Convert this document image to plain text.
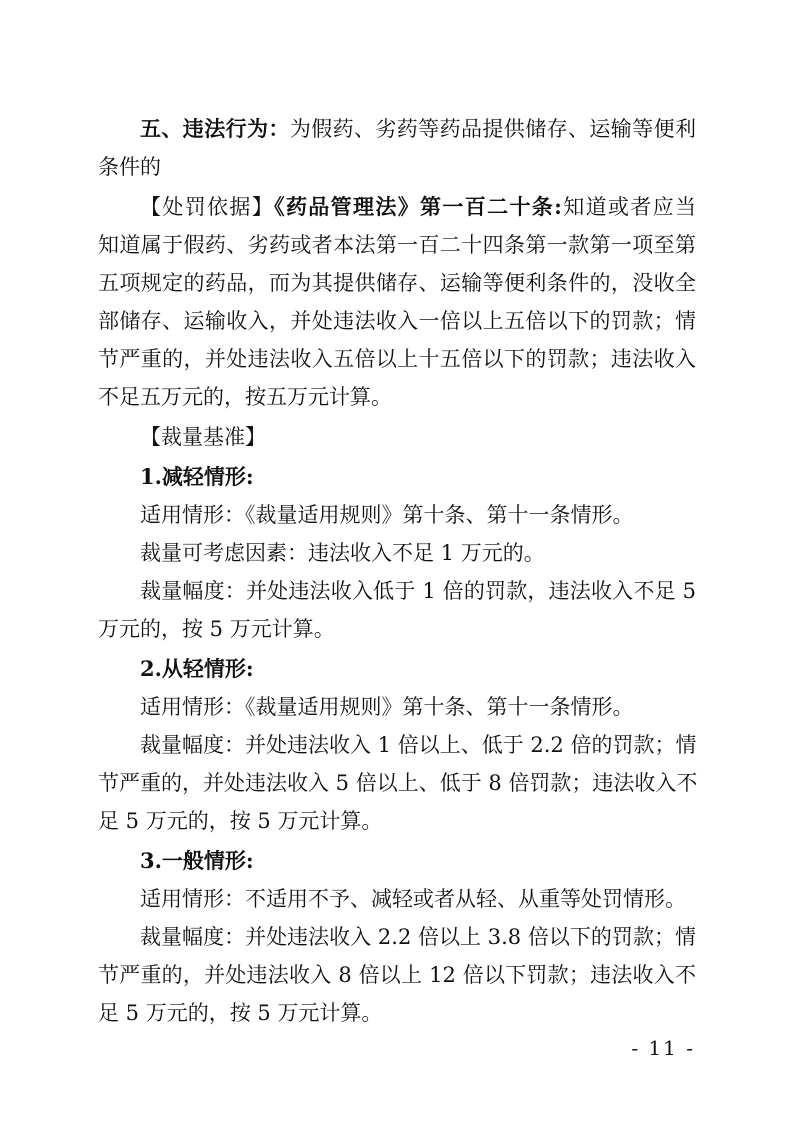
五、违法行为：为假药、劣药等药品提供储存、运输等便利
条件的
【处罚依据】《药品管理法》第一百二十条:知道或者应当
知道属于假药、劣药或者本法第一百二十四条第一款第一项至第
五项规定的药品，而为其提供储存、运输等便利条件的，没收全
部储存、运输收入，并处违法收入一倍以上五倍以下的罚款；情
节严重的，并处违法收入五倍以上十五倍以下的罚款；违法收入
不足五万元的，按五万元计算。
【裁量基准】
1.减轻情形:
适用情形：《裁量适用规则》第十条、第十一条情形。
裁量可考虑因素：违法收入不足 1 万元的。
裁量幅度：并处违法收入低于 1 倍的罚款，违法收入不足 5
万元的，按 5 万元计算。
2.从轻情形:
适用情形：《裁量适用规则》第十条、第十一条情形。
裁量幅度：并处违法收入 1 倍以上、低于 2.2 倍的罚款；情
节严重的，并处违法收入 5 倍以上、低于 8 倍罚款；违法收入不
足 5 万元的，按 5 万元计算。
3.一般情形:
适用情形：不适用不予、减轻或者从轻、从重等处罚情形。
裁量幅度：并处违法收入 2.2 倍以上 3.8 倍以下的罚款；情
节严重的，并处违法收入 8 倍以上 12 倍以下罚款；违法收入不
足 5 万元的，按 5 万元计算。
- 11 -
